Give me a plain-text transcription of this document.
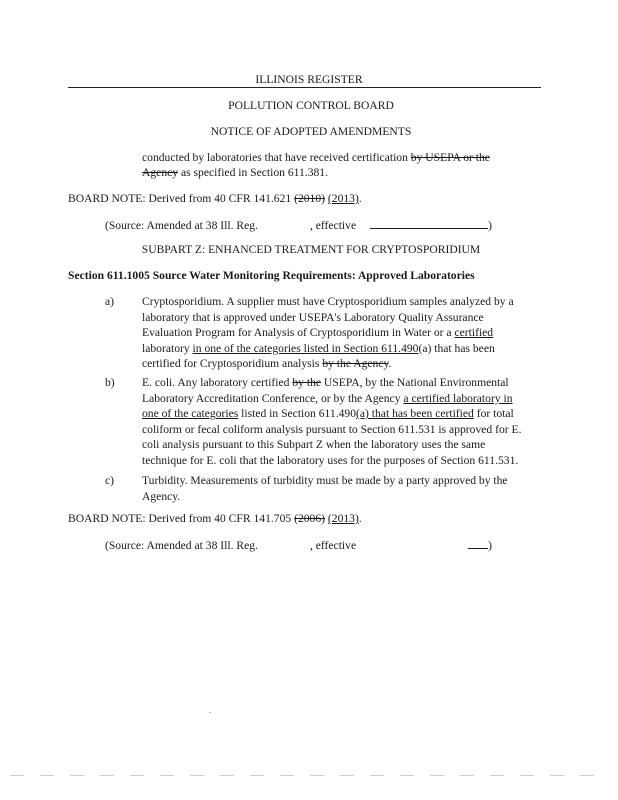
ILLINOIS REGISTER
POLLUTION CONTROL BOARD
NOTICE OF ADOPTED AMENDMENTS
conducted by laboratories that have received certification by USEPA or the
Agency as specified in Section 611.381.
BOARD NOTE: Derived from 40 CFR 141.621 (2010) (2013).
(Source: Amended at 38 Ill. Reg.	, effective	)
SUBPART Z: ENHANCED TREATMENT FOR CRYPTOSPORIDIUM
Section 611.1005 Source Water Monitoring Requirements: Approved Laboratories
a) Cryptosporidium. A supplier must have Cryptosporidium samples analyzed by a
laboratory that is approved under USEPA's Laboratory Quality Assurance
Evaluation Program for Analysis of Cryptosporidium in Water or a certified
laboratory in one of the categories listed in Section 611.490(a) that has been
certified for Cryptosporidium analysis by the Agency.
b) E. coli. Any laboratory certified by the USEPA, by the National Environmental
Laboratory Accreditation Conference, or by the Agency a certified laboratory in
one of the categories listed in Section 611.490(a) that has been certified for total
coliform or fecal coliform analysis pursuant to Section 611.531 is approved for E.
coli analysis pursuant to this Subpart Z when the laboratory uses the same
technique for E. coli that the laboratory uses for the purposes of Section 611.531.
c) Turbidity. Measurements of turbidity must be made by a party approved by the
Agency.
BOARD NOTE: Derived from 40 CFR 141.705 (2006) (2013).
(Source: Amended at 38 Ill. Reg.	, effective	)
